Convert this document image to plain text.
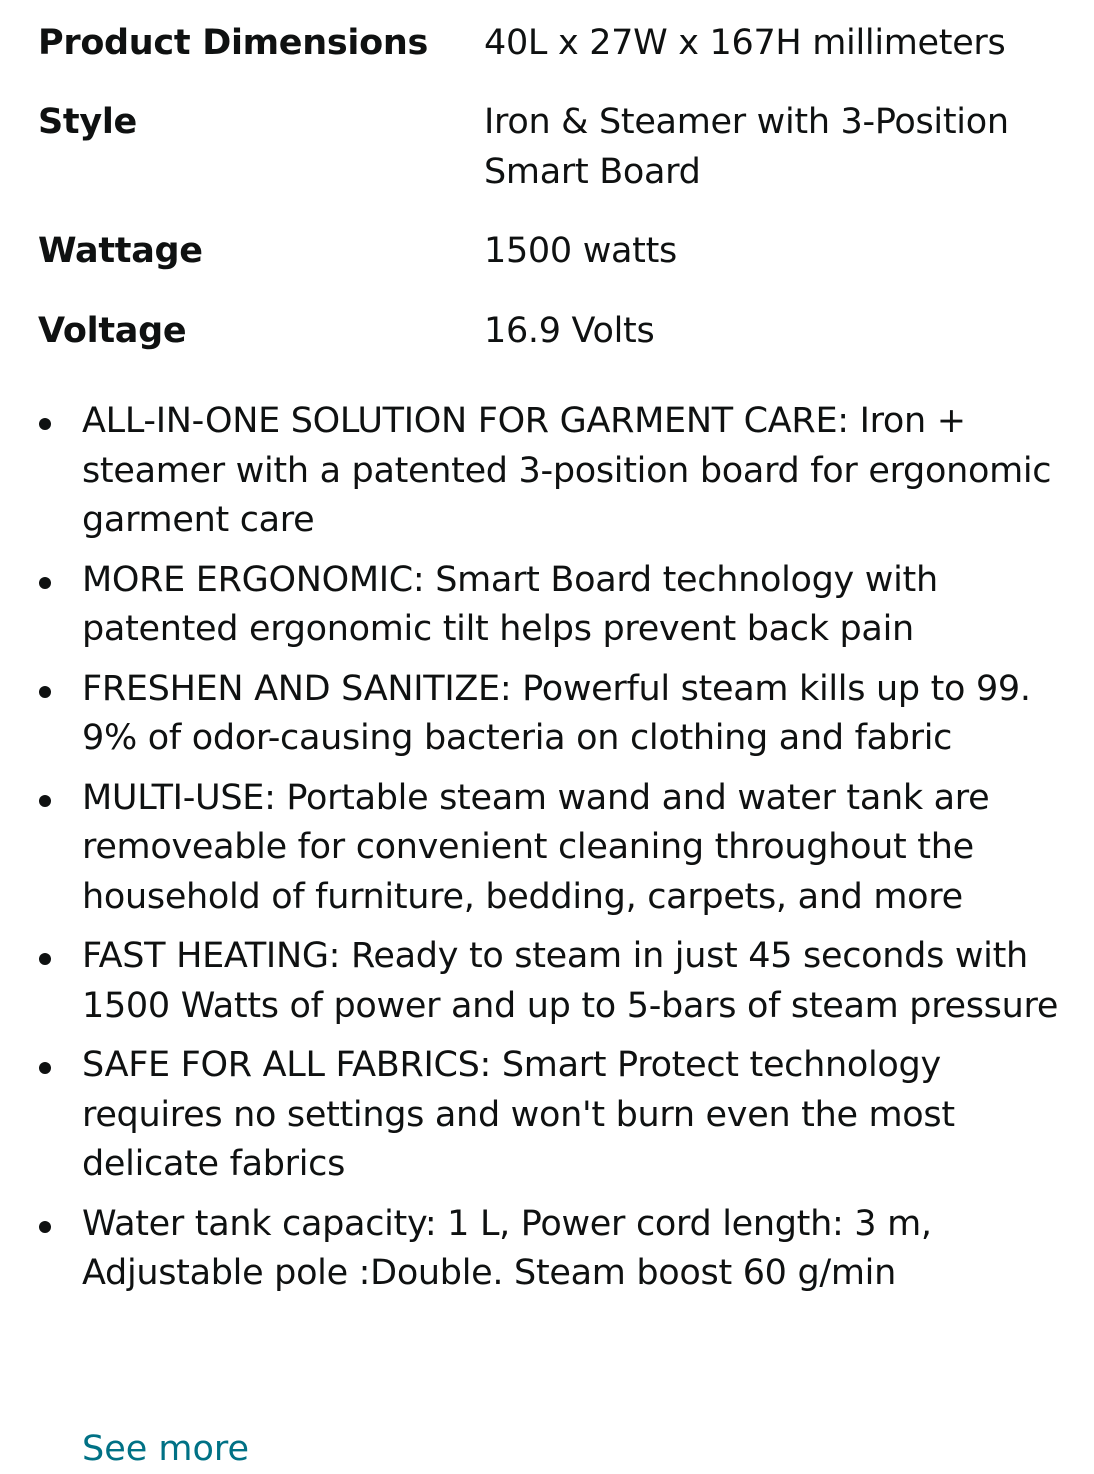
Product Dimensions	40L x 27W x 167H millimeters
Style	Iron & Steamer with 3-Position Smart Board
Wattage	1500 watts
Voltage	16.9 Volts
ALL-IN-ONE SOLUTION FOR GARMENT CARE: Iron + steamer with a patented 3-position board for ergonomic garment care
MORE ERGONOMIC: Smart Board technology with patented ergonomic tilt helps prevent back pain
FRESHEN AND SANITIZE: Powerful steam kills up to 99. 9% of odor-causing bacteria on clothing and fabric
MULTI-USE: Portable steam wand and water tank are removeable for convenient cleaning throughout the household of furniture, bedding, carpets, and more
FAST HEATING: Ready to steam in just 45 seconds with 1500 Watts of power and up to 5-bars of steam pressure
SAFE FOR ALL FABRICS: Smart Protect technology requires no settings and won't burn even the most delicate fabrics
Water tank capacity: 1 L, Power cord length: 3 m, Adjustable pole :Double. Steam boost 60 g/min
See more
